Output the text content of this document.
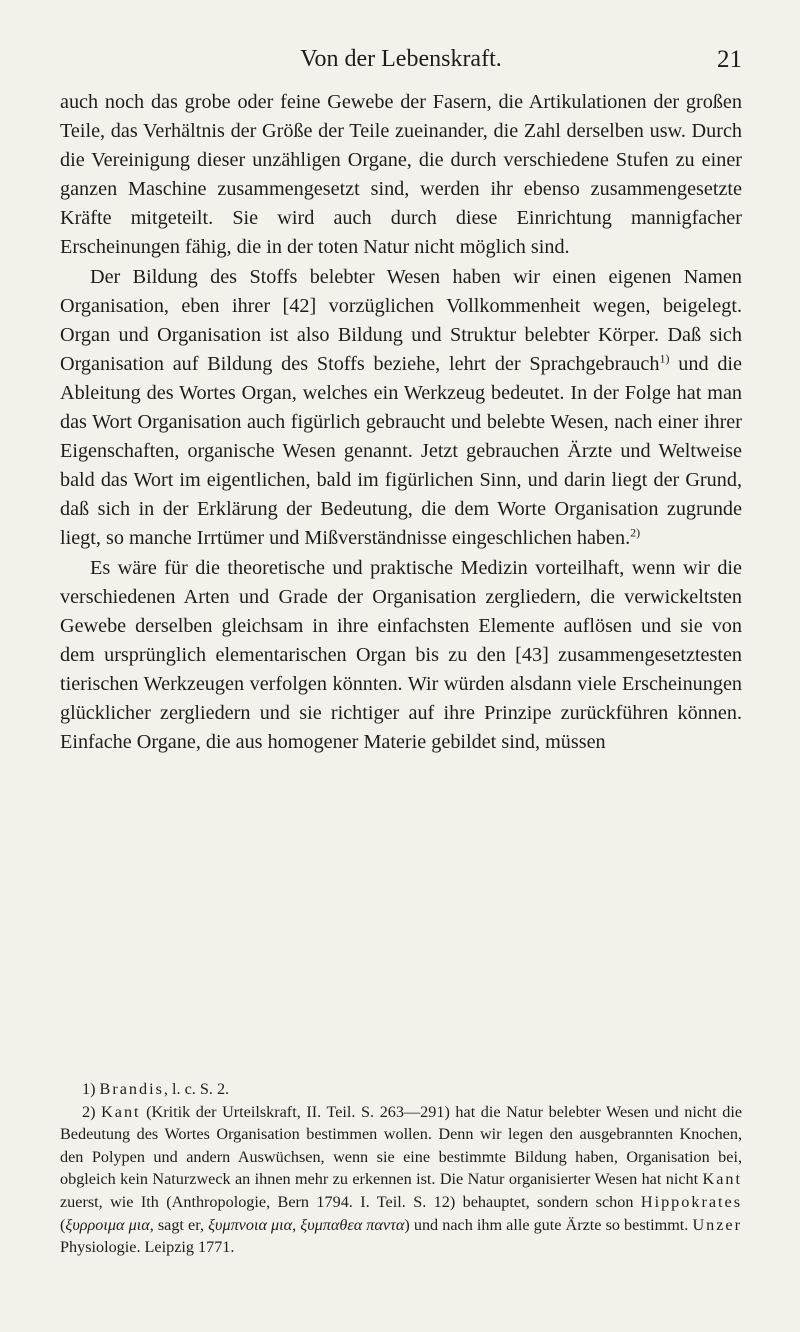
Von der Lebenskraft.	21

auch noch das grobe oder feine Gewebe der Fasern, die Artikulationen der großen Teile, das Verhältnis der Größe der Teile zueinander, die Zahl derselben usw. Durch die Vereinigung dieser unzähligen Organe, die durch verschiedene Stufen zu einer ganzen Maschine zusammengesetzt sind, werden ihr ebenso zusammengesetzte Kräfte mitgeteilt. Sie wird auch durch diese Einrichtung mannigfacher Erscheinungen fähig, die in der toten Natur nicht möglich sind.

Der Bildung des Stoffs belebter Wesen haben wir einen eigenen Namen Organisation, eben ihrer [42] vorzüglichen Vollkommenheit wegen, beigelegt. Organ und Organisation ist also Bildung und Struktur belebter Körper. Daß sich Organisation auf Bildung des Stoffs beziehe, lehrt der Sprachgebrauch$^{1)}$ und die Ableitung des Wortes Organ, welches ein Werkzeug bedeutet. In der Folge hat man das Wort Organisation auch figürlich gebraucht und belebte Wesen, nach einer ihrer Eigenschaften, organische Wesen genannt. Jetzt gebrauchen Ärzte und Weltweise bald das Wort im eigentlichen, bald im figürlichen Sinn, und darin liegt der Grund, daß sich in der Erklärung der Bedeutung, die dem Worte Organisation zugrunde liegt, so manche Irrtümer und Mißverständnisse eingeschlichen haben.$^{2)}$

Es wäre für die theoretische und praktische Medizin vorteilhaft, wenn wir die verschiedenen Arten und Grade der Organisation zergliedern, die verwickeltsten Gewebe derselben gleichsam in ihre einfachsten Elemente auflösen und sie von dem ursprünglich elementarischen Organ bis zu den [43] zusammengesetztesten tierischen Werkzeugen verfolgen könnten. Wir würden alsdann viele Erscheinungen glücklicher zergliedern und sie richtiger auf ihre Prinzipe zurückführen können. Einfache Organe, die aus homogener Materie gebildet sind, müssen

1) Brandis, l. c. S. 2.

2) Kant (Kritik der Urteilskraft, II. Teil. S. 263—291) hat die Natur belebter Wesen und nicht die Bedeutung des Wortes Organisation bestimmen wollen. Denn wir legen den ausgebrannten Knochen, den Polypen und andern Auswüchsen, wenn sie eine bestimmte Bildung haben, Organisation bei, obgleich kein Naturzweck an ihnen mehr zu erkennen ist. Die Natur organisierter Wesen hat nicht Kant zuerst, wie Ith (Anthropologie, Bern 1794. I. Teil. S. 12) behauptet, sondern schon Hippokrates (ξυρροιμα μια, sagt er, ξυμπνοια μια, ξυμπαθεα παντα) und nach ihm alle gute Ärzte so bestimmt. Unzer Physiologie. Leipzig 1771.
